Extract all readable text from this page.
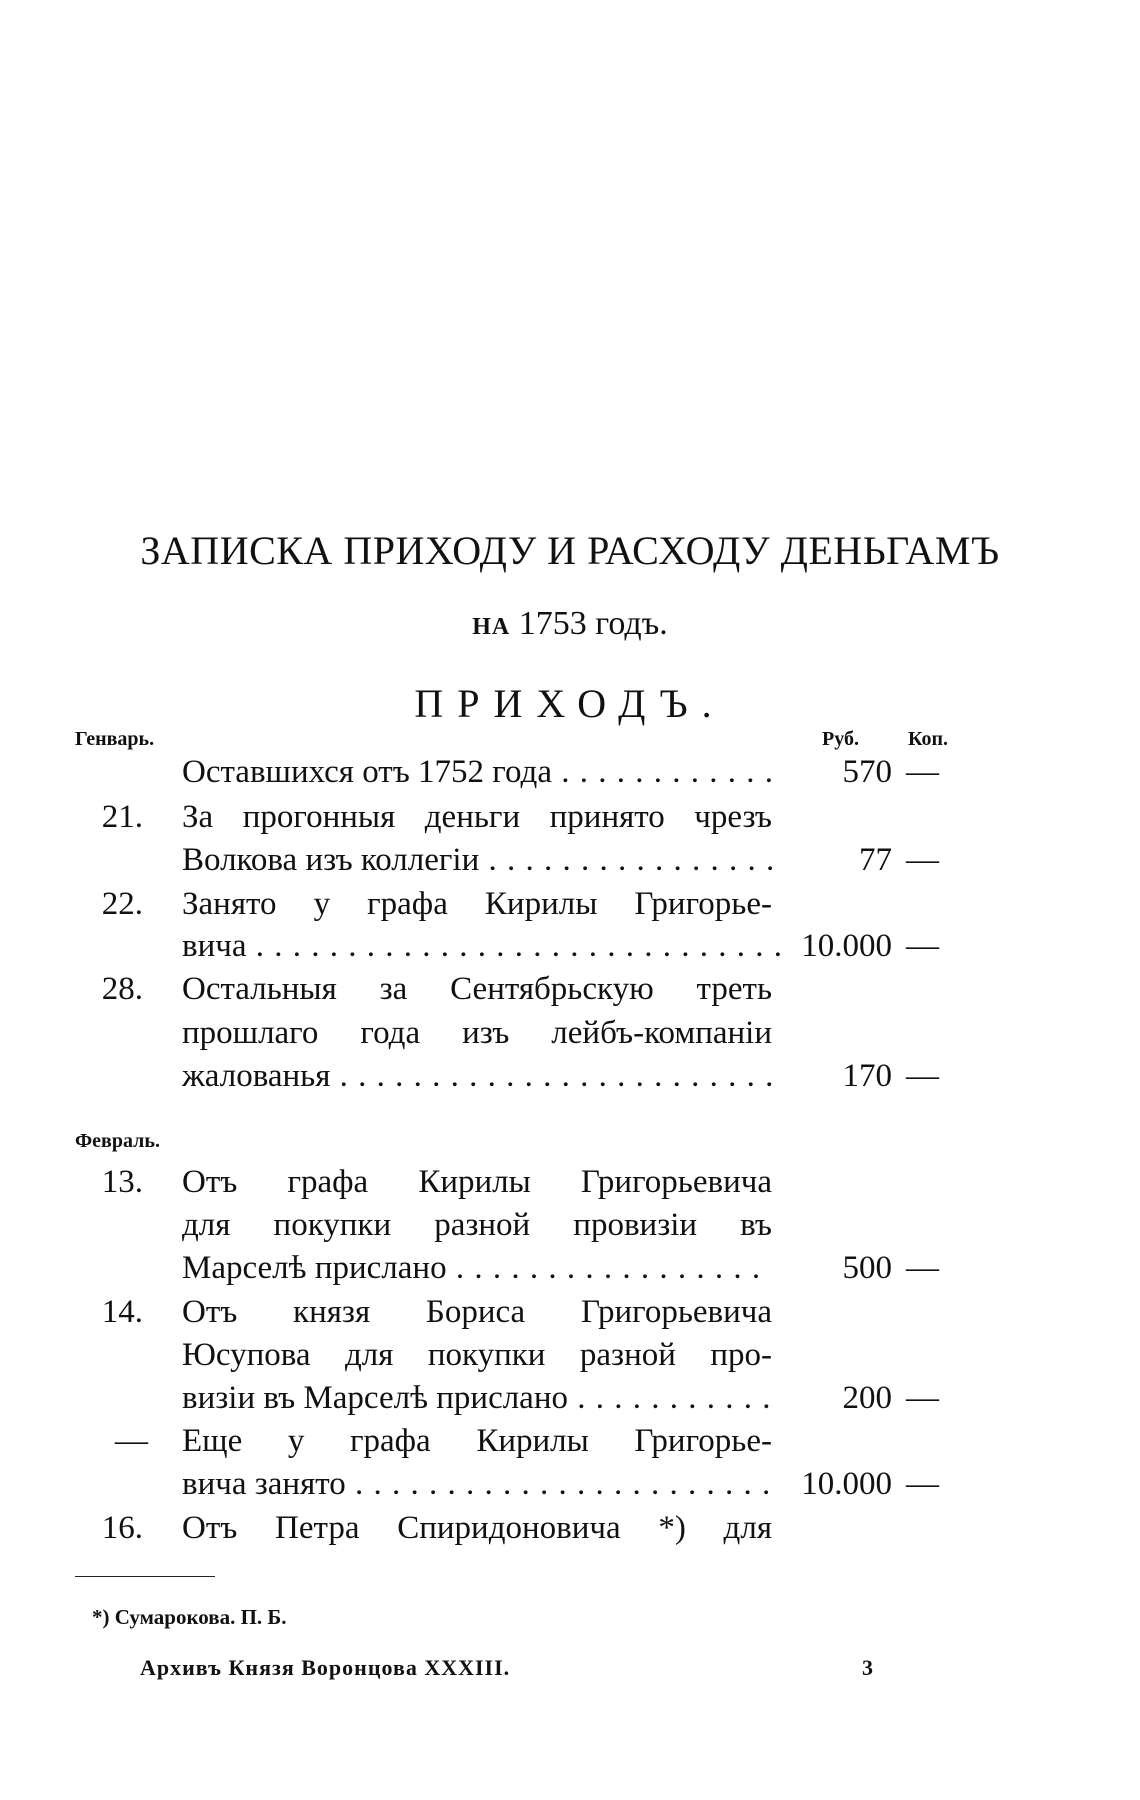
ЗАПИСКА ПРИХОДУ И РАСХОДУ ДЕНЬГАМЪ
НА 1753 годъ.
ПРИХОДЪ.
Генварь.	Руб. Коп.
Февраль.
Оставшихся отъ 1752 года . . .	570 —
21. За прогонныя деньги принято чрезъ
Волкова изъ коллегіи . . .	77 —
22. Занято у графа Кирилы Григорье-
вича . . .	10.000 —
28. Остальныя за Сентябрьскую треть
прошлаго года изъ лейбъ-компаніи
жалованья . . .	170 —
13. Отъ графа Кирилы Григорьевича
для покупки разной провизіи въ
Марселѣ прислано . . .	500 —
14. Отъ князя Бориса Григорьевича
Юсупова для покупки разной про-
визіи въ Марселѣ прислано . . .	200 —
— Еще у графа Кирилы Григорье-
вича занято . . .	10.000 —
16. Отъ Петра Спиридоновича *) для
*) Сумарокова. П. Б.
Архивъ Князя Воронцова XXXIII.	3
